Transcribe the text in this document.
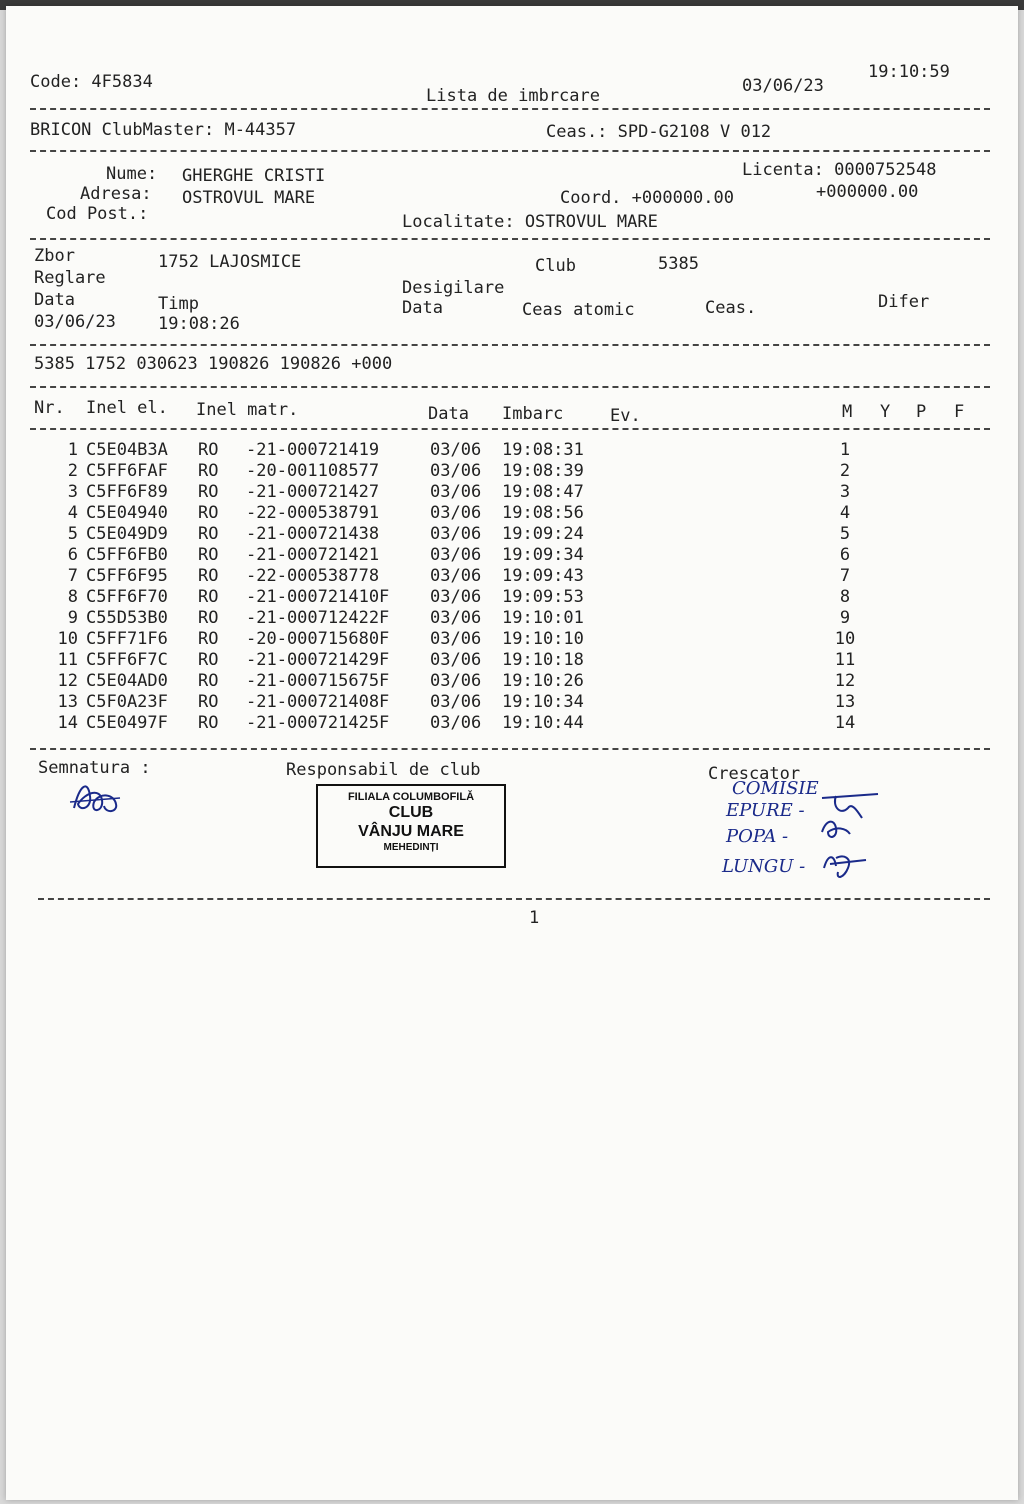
Code: 4F5834
Lista de imbrcare	03/06/23
19:10:59
BRICON ClubMaster: M-44357	Ceas.: SPD-G2108 V 012
Nume: GHERGHE CRISTI	Licenta: 0000752548
Adresa: OSTROVUL MARE	Coord. +000000.00	+000000.00
Cod Post.:	Localitate: OSTROVUL MARE
Zbor	1752 LAJOSMICE	Club	5385
Reglare	Desigilare
Data	Timp	Data	Ceas atomic	Ceas.	Difer
03/06/23 19:08:26
5385 1752 030623 190826 190826 +000
Nr. Inel el. Inel matr.	Data Imbarc	Ev.	M Y P F
1 C5E04B3A RO -21-000721419	03/06 19:08:31	1
2 C5FF6FAF RO -20-001108577	03/06 19:08:39	2
3 C5FF6F89 RO -21-000721427	03/06 19:08:47	3
4 C5E04940 RO -22-000538791	03/06 19:08:56	4
5 C5E049D9 RO -21-000721438	03/06 19:09:24	5
6 C5FF6FB0 RO -21-000721421	03/06 19:09:34	6
7 C5FF6F95 RO -22-000538778	03/06 19:09:43	7
8 C5FF6F70 RO -21-000721410F 03/06 19:09:53	8
9 C55D53B0 RO -21-000712422F 03/06 19:10:01	9
10 C5FF71F6 RO -20-000715680F 03/06 19:10:10	10
11 C5FF6F7C RO -21-000721429F 03/06 19:10:18	11
12 C5E04AD0 RO -21-000715675F 03/06 19:10:26	12
13 C5F0A23F RO -21-000721408F 03/06 19:10:34	13
14 C5E0497F RO -21-000721425F 03/06 19:10:44	14
Semnatura :	Responsabil de club	Crescator
FILIALA COLUMBOFILĂ
CLUB
VÂNJU MARE
MEHEDINȚI
COMISIE
EPURE -
POPA -
LUNGU -
1
